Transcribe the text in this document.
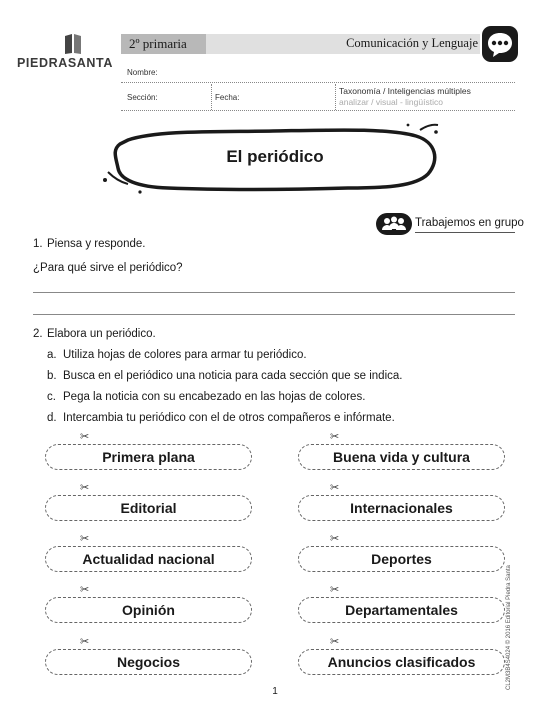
PIEDRASANTA
2º primaria	Comunicación y Lenguaje
Nombre:
Sección:	Fecha:
Taxonomía / Inteligencias múltiples
analizar / visual - lingüístico
El periódico
Trabajemos en grupo
1. Piensa y responde.
¿Para qué sirve el periódico?
2. Elabora un periódico.
a. Utiliza hojas de colores para armar tu periódico.
b. Busca en el periódico una noticia para cada sección que se indica.
c. Pega la noticia con su encabezado en las hojas de colores.
d. Intercambia tu periódico con el de otros compañeros e infórmate.
✂
Primera plana
✂
Editorial
✂
Actualidad nacional
✂
Opinión
✂
Negocios
✂
Buena vida y cultura
✂
Internacionales
✂
Deportes
✂
Departamentales
✂
Anuncios clasificados	CL2M3B4S4024 © 2016 Editorial Piedra Santa
1
